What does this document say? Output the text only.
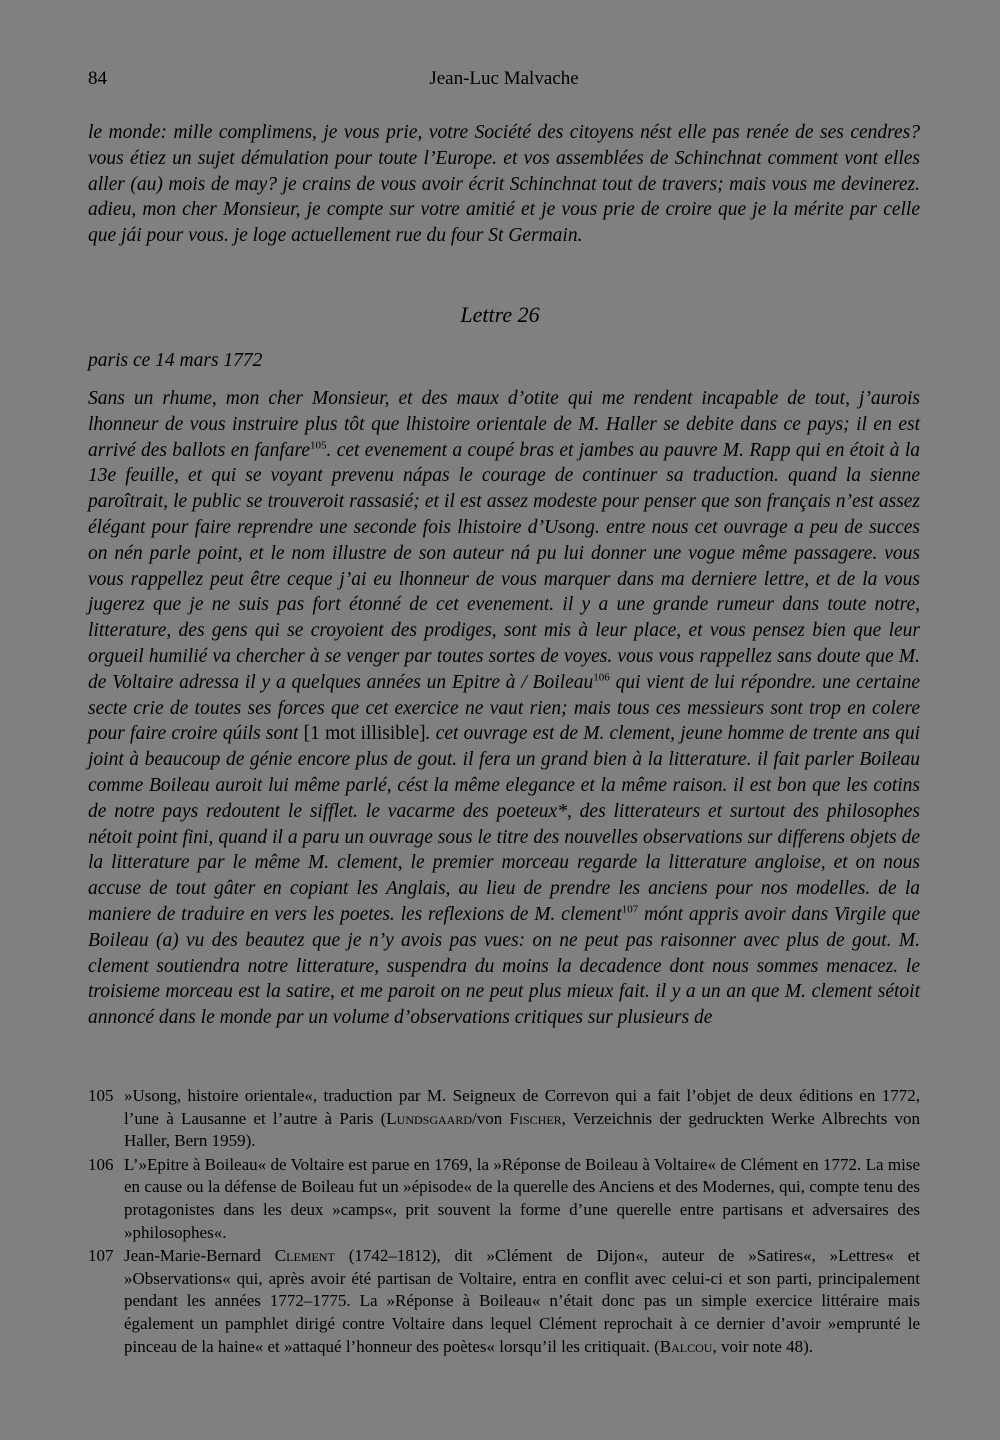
84	Jean-Luc Malvache

le monde: mille complimens, je vous prie, votre Société des citoyens nést elle pas renée de ses cendres? vous étiez un sujet démulation pour toute l’Europe. et vos assemblées de Schinchnat comment vont elles aller (au) mois de may? je crains de vous avoir écrit Schinchnat tout de travers; mais vous me devinerez. adieu, mon cher Monsieur, je compte sur votre amitié et je vous prie de croire que je la mérite par celle que jái pour vous. je loge actuellement rue du four St Germain.

Lettre 26
paris ce 14 mars 1772

Sans un rhume, mon cher Monsieur, et des maux d’otite qui me rendent incapable de tout, j’aurois lhonneur de vous instruire plus tôt que lhistoire orientale de M. Haller se debite dans ce pays; il en est arrivé des ballots en fanfare$^{105}$. cet evenement a coupé bras et jambes au pauvre M. Rapp qui en étoit à la 13e feuille, et qui se voyant prevenu nápas le courage de continuer sa traduction. quand la sienne paroîtrait, le public se trouveroit rassasié; et il est assez modeste pour penser que son français n’est assez élégant pour faire reprendre une seconde fois lhistoire d’Usong. entre nous cet ouvrage a peu de succes on nén parle point, et le nom illustre de son auteur ná pu lui donner une vogue même passagere. vous vous rappellez peut être ceque j’ai eu lhonneur de vous marquer dans ma derniere lettre, et de la vous jugerez que je ne suis pas fort étonné de cet evenement. il y a une grande rumeur dans toute notre, litterature, des gens qui se croyoient des prodiges, sont mis à leur place, et vous pensez bien que leur orgueil humilié va chercher à se venger par toutes sortes de voyes. vous vous rappellez sans doute que M. de Voltaire adressa il y a quelques années un Epitre à / Boileau$^{106}$ qui vient de lui répondre. une certaine secte crie de toutes ses forces que cet exercice ne vaut rien; mais tous ces messieurs sont trop en colere pour faire croire qúils sont [1 mot illisible]. cet ouvrage est de M. clement, jeune homme de trente ans qui joint à beaucoup de génie encore plus de gout. il fera un grand bien à la litterature. il fait parler Boileau comme Boileau auroit lui même parlé, cést la même elegance et la même raison. il est bon que les cotins de notre pays redoutent le sifflet. le vacarme des poeteux*, des litterateurs et surtout des philosophes nétoit point fini, quand il a paru un ouvrage sous le titre des nouvelles observations sur differens objets de la litterature par le même M. clement, le premier morceau regarde la litterature angloise, et on nous accuse de tout gâter en copiant les Anglais, au lieu de prendre les anciens pour nos modelles. de la maniere de traduire en vers les poetes. les reflexions de M. clement$^{107}$ mónt appris avoir dans Virgile que Boileau (a) vu des beautez que je n’y avois pas vues: on ne peut pas raisonner avec plus de gout. M. clement soutiendra notre litterature, suspendra du moins la decadence dont nous sommes menacez. le troisieme morceau est la satire, et me paroit on ne peut plus mieux fait. il y a un an que M. clement sétoit annoncé dans le monde par un volume d’observations critiques sur plusieurs de

105 »Usong, histoire orientale«, traduction par M. Seigneux de Correvon qui a fait l’objet de deux éditions en 1772, l’une à Lausanne et l’autre à Paris (Lundsgaard/von Fischer, Verzeichnis der gedruckten Werke Albrechts von Haller, Bern 1959).
106 L’»Epitre à Boileau« de Voltaire est parue en 1769, la »Réponse de Boileau à Voltaire« de Clément en 1772. La mise en cause ou la défense de Boileau fut un »épisode« de la querelle des Anciens et des Modernes, qui, compte tenu des protagonistes dans les deux »camps«, prit souvent la forme d’une querelle entre partisans et adversaires des »philosophes«.
107 Jean-Marie-Bernard Clement (1742–1812), dit »Clément de Dijon«, auteur de »Satires«, »Lettres« et »Observations« qui, après avoir été partisan de Voltaire, entra en conflit avec celui-ci et son parti, principalement pendant les années 1772–1775. La »Réponse à Boileau« n’était donc pas un simple exercice littéraire mais également un pamphlet dirigé contre Voltaire dans lequel Clément reprochait à ce dernier d’avoir »emprunté le pinceau de la haine« et »attaqué l’honneur des poètes« lorsqu’il les critiquait. (Balcou, voir note 48).
